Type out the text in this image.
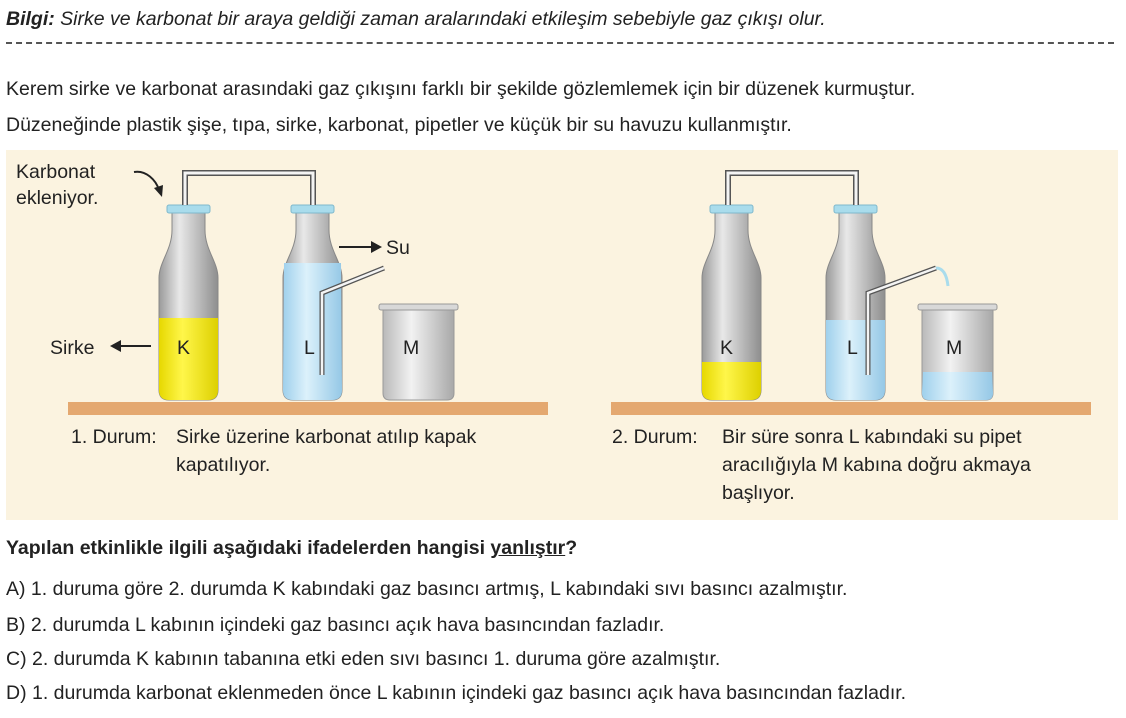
Bilgi: Sirke ve karbonat bir araya geldiği zaman aralarındaki etkileşim sebebiyle gaz çıkışı olur.
Kerem sirke ve karbonat arasındaki gaz çıkışını farklı bir şekilde gözlemlemek için bir düzenek kurmuştur.
Düzeneğinde plastik şişe, tıpa, sirke, karbonat, pipetler ve küçük bir su havuzu kullanmıştır.
Karbonat
ekleniyor.
Sirke
Su
K	L	M
1. Durum: Sirke üzerine karbonat atılıp kapak
kapatılıyor.
K	L	M
2. Durum: Bir süre sonra L kabındaki su pipet
aracılığıyla M kabına doğru akmaya
başlıyor.
Yapılan etkinlikle ilgili aşağıdaki ifadelerden hangisi yanlıştır?
A) 1. duruma göre 2. durumda K kabındaki gaz basıncı artmış, L kabındaki sıvı basıncı azalmıştır.
B) 2. durumda L kabının içindeki gaz basıncı açık hava basıncından fazladır.
C) 2. durumda K kabının tabanına etki eden sıvı basıncı 1. duruma göre azalmıştır.
D) 1. durumda karbonat eklenmeden önce L kabının içindeki gaz basıncı açık hava basıncından fazladır.
